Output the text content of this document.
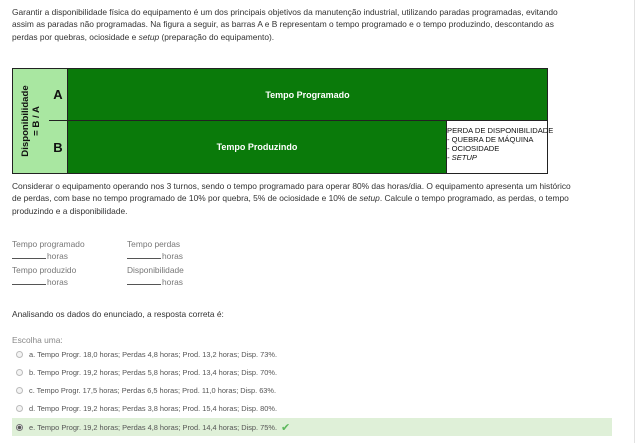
Garantir a disponibilidade física do equipamento é um dos principais objetivos da manutenção industrial, utilizando paradas programadas, evitando
assim as paradas não programadas. Na figura a seguir, as barras A e B representam o tempo programado e o tempo produzindo, descontando as
perdas por quebras, ociosidade e setup (preparação do equipamento).
Disponibilidade = B / A
A
B
Tempo Programado
Tempo Produzindo
PERDA DE DISPONIBILIDADE
- QUEBRA DE MÁQUINA
- OCIOSIDADE
- SETUP
Considerar o equipamento operando nos 3 turnos, sendo o tempo programado para operar 80% das horas/dia. O equipamento apresenta um histórico
de perdas, com base no tempo programado de 10% por quebra, 5% de ociosidade e 10% de setup. Calcule o tempo programado, as perdas, o tempo
produzindo e a disponibilidade.
Tempo programado
horas
Tempo perdas
horas
Tempo produzido
horas
Disponibilidade
horas
Analisando os dados do enunciado, a resposta correta é:
Escolha uma:
a. Tempo Progr. 18,0 horas; Perdas 4,8 horas; Prod. 13,2 horas; Disp. 73%.
b. Tempo Progr. 19,2 horas; Perdas 5,8 horas; Prod. 13,4 horas; Disp. 70%.
c. Tempo Progr. 17,5 horas; Perdas 6,5 horas; Prod. 11,0 horas; Disp. 63%.
d. Tempo Progr. 19,2 horas; Perdas 3,8 horas; Prod. 15,4 horas; Disp. 80%.
e. Tempo Progr. 19,2 horas; Perdas 4,8 horas; Prod. 14,4 horas; Disp. 75%. ✔
